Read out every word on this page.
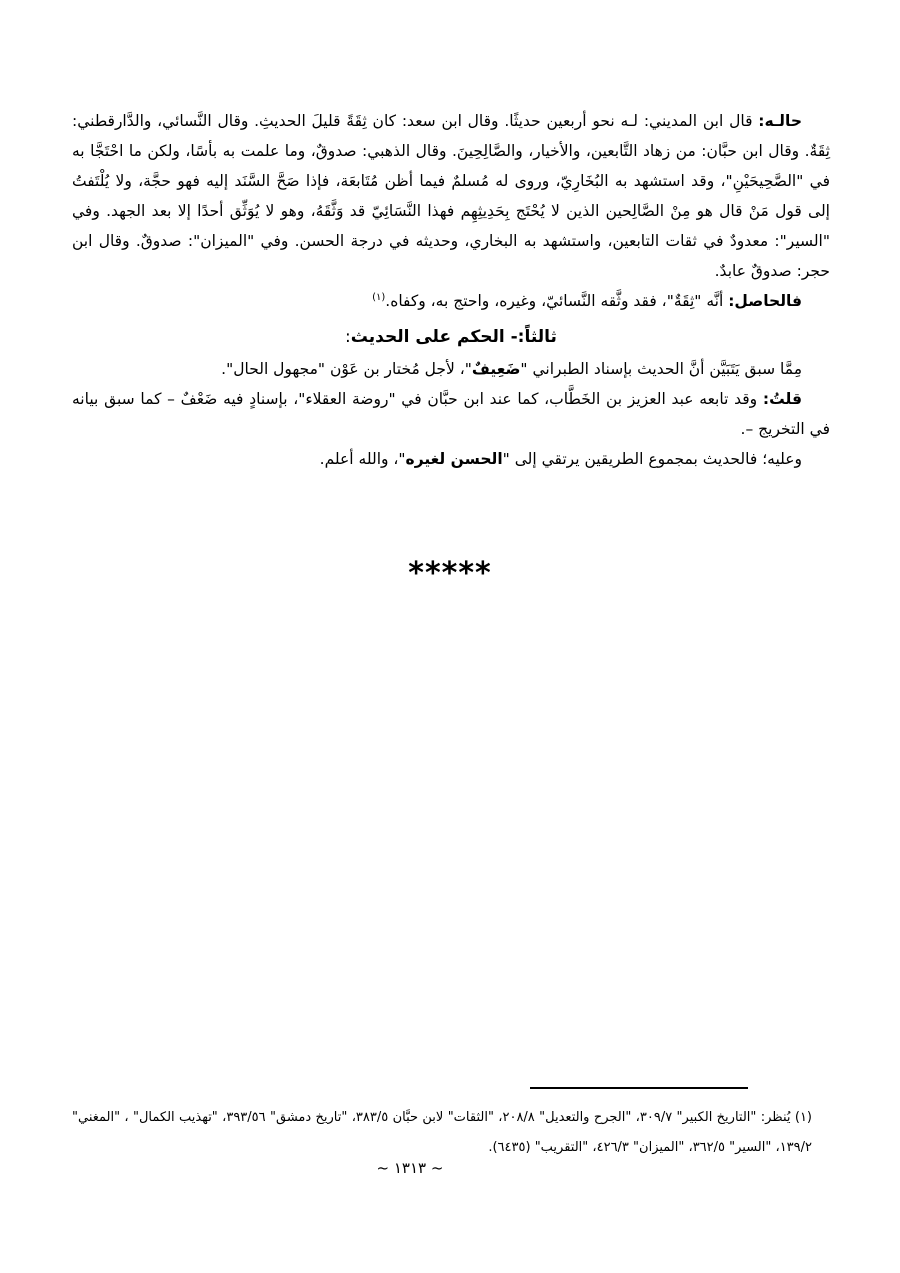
حالـه: قال ابن المديني: لـه نحو أربعين حديثًا. وقال ابن سعد: كان ثِقَةً قليلَ الحديثِ. وقال النَّسائي، والدَّارقطني: ثِقَةٌ. وقال ابن حبَّان: من زهاد التَّابعين، والأخيار، والصَّالِحِينَ. وقال الذهبي: صدوقٌ، وما علمت به بأسًا، ولكن ما احْتَجَّا به في "الصَّحِيحَيْنِ"، وقد استشهد به البُخَارِيّ، وروى له مُسلمٌ فيما أظن مُتَابعَة، فإذا صَحَّ السَّنَد إليه فهو حجَّة، ولا يُلْتَفتُ إلى قول مَنْ قال هو مِنْ الصَّالِحين الذين لا يُحْتَج بِحَدِيثِهِم فهذا النَّسَائِيّ قد وَثَّقَهُ، وهو لا يُوَثِّق أحدًا إلا بعد الجهد. وفي "السير": معدودٌ في ثقات التابعين، واستشهد به البخاري، وحديثه في درجة الحسن. وفي "الميزان": صدوقٌ. وقال ابن حجر: صدوقٌ عابدٌ.

فالحاصل: أنَّه "ثِقَةٌ"، فقد وثَّقه النَّسائيّ، وغيره، واحتج به، وكفاه.$^{(١)}$

ثالثاً:- الحكم على الحديث:

مِمَّا سبق يَتَبَيَّن أنَّ الحديث بإسناد الطبراني "ضَعِيفٌ"، لأجل مُختار بن عَوْن "مجهول الحال".

قلتُ: وقد تابعه عبد العزيز بن الخَطَّاب، كما عند ابن حبَّان في "روضة العقلاء"، بإسنادٍ فيه ضَعْفٌ – كما سبق بيانه في التخريج –.

وعليه؛ فالحديث بمجموع الطريقين يرتقي إلى "الحسن لغيره"، والله أعلم.

*****

(١) يُنظر: "التاريخ الكبير" ٣٠٩/٧، "الجرح والتعديل" ٢٠٨/٨، "الثقات" لابن حبَّان ٣٨٣/٥، "تاريخ دمشق" ٣٩٣/٥٦، "تهذيب الكمال" ، "المغني" ١٣٩/٢، "السير" ٣٦٢/٥، "الميزان" ٤٢٦/٣، "التقريب" (٦٤٣٥).

~ ١٣١٣ ~
